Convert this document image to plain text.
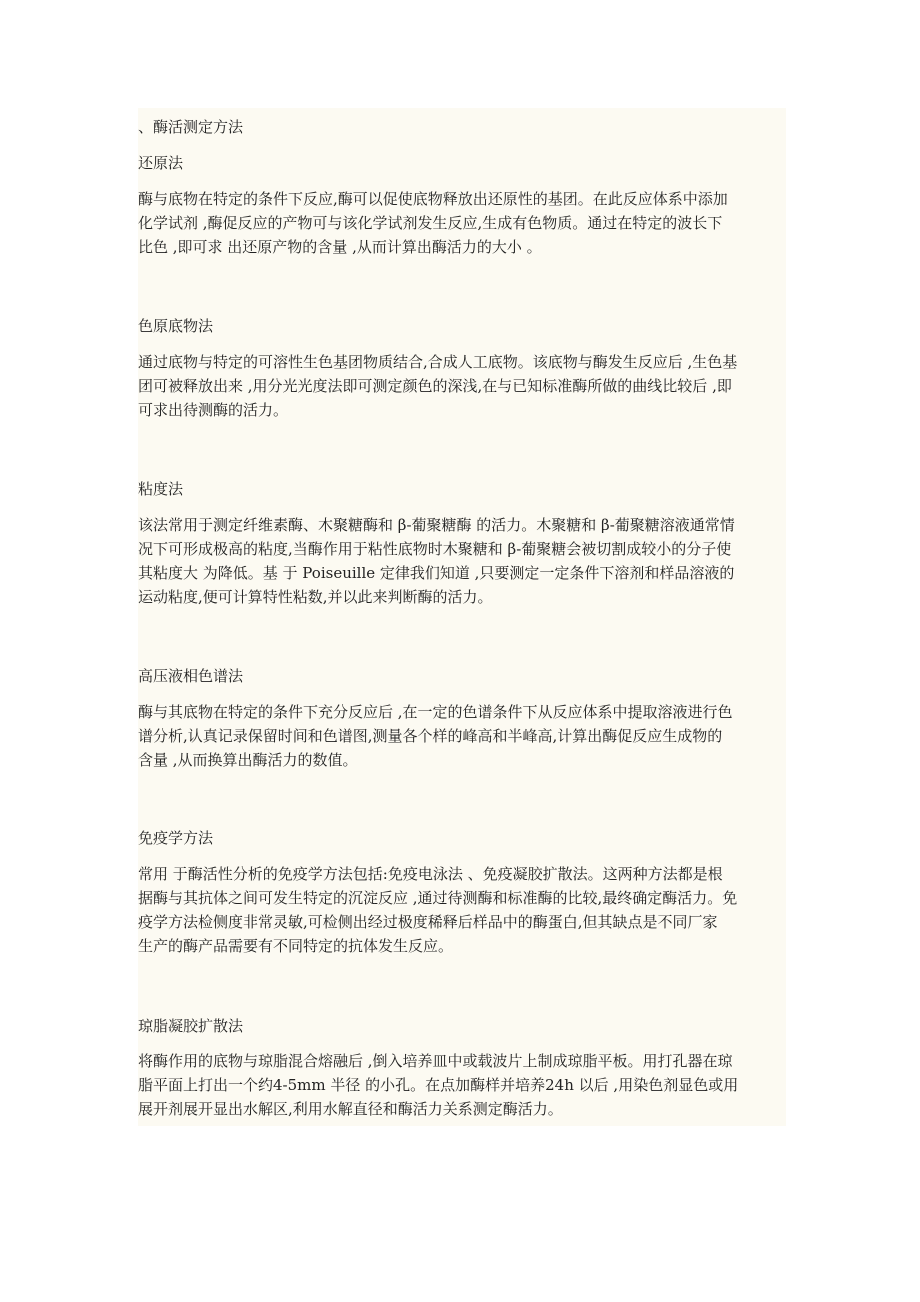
、酶活测定方法
还原法

酶与底物在特定的条件下反应,酶可以促使底物释放出还原性的基团。在此反应体系中添加
化学试剂 ,酶促反应的产物可与该化学试剂发生反应,生成有色物质。通过在特定的波长下
比色 ,即可求 出还原产物的含量 ,从而计算出酶活力的大小 。

色原底物法

通过底物与特定的可溶性生色基团物质结合,合成人工底物。该底物与酶发生反应后 ,生色基
团可被释放出来 ,用分光光度法即可测定颜色的深浅,在与已知标准酶所做的曲线比较后 ,即
可求出待测酶的活力。

粘度法

该法常用于测定纤维素酶、木聚糖酶和 β-葡聚糖酶 的活力。木聚糖和 β-葡聚糖溶液通常情
况下可形成极高的粘度,当酶作用于粘性底物时木聚糖和 β-葡聚糖会被切割成较小的分子使
其粘度大 为降低。基 于 Poiseuille 定律我们知道 ,只要测定一定条件下溶剂和样品溶液的
运动粘度,便可计算特性粘数,并以此来判断酶的活力。

高压液相色谱法

酶与其底物在特定的条件下充分反应后 ,在一定的色谱条件下从反应体系中提取溶液进行色
谱分析,认真记录保留时间和色谱图,测量各个样的峰高和半峰高,计算出酶促反应生成物的
含量 ,从而换算出酶活力的数值。

免疫学方法

常用 于酶活性分析的免疫学方法包括:免疫电泳法 、免疫凝胶扩散法。这两种方法都是根
据酶与其抗体之间可发生特定的沉淀反应 ,通过待测酶和标准酶的比较,最终确定酶活力。免
疫学方法检侧度非常灵敏,可检侧出经过极度稀释后样品中的酶蛋白,但其缺点是不同厂家
生产的酶产品需要有不同特定的抗体发生反应。

琼脂凝胶扩散法

将酶作用的底物与琼脂混合熔融后 ,倒入培养皿中或载波片上制成琼脂平板。用打孔器在琼
脂平面上打出一个约4-5mm 半径 的小孔。在点加酶样并培养24h 以后 ,用染色剂显色或用
展开剂展开显出水解区,利用水解直径和酶活力关系测定酶活力。
